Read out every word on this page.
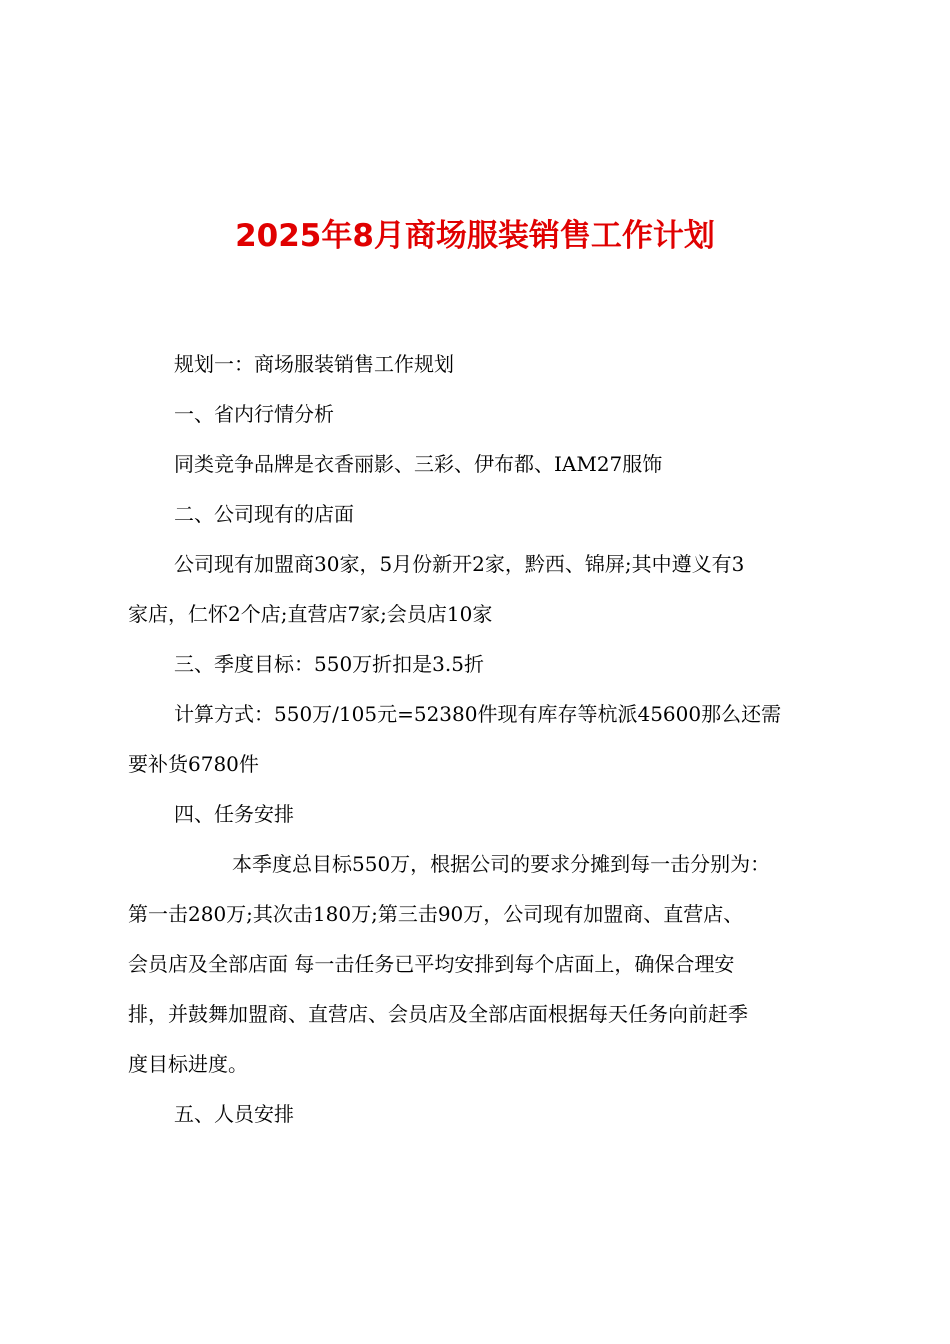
2025年8月商场服装销售工作计划

规划一：商场服装销售工作规划

一、省内行情分析

同类竞争品牌是衣香丽影、三彩、伊布都、IAM27服饰

二、公司现有的店面

公司现有加盟商30家，5月份新开2家，黔西、锦屏;其中遵义有3

家店，仁怀2个店;直营店7家;会员店10家

三、季度目标：550万折扣是3.5折

计算方式：550万/105元=52380件现有库存等杭派45600那么还需

要补货6780件

四、任务安排

本季度总目标550万，根据公司的要求分摊到每一击分别为：

第一击280万;其次击180万;第三击90万，公司现有加盟商、直营店、

会员店及全部店面 每一击任务已平均安排到每个店面上，确保合理安

排，并鼓舞加盟商、直营店、会员店及全部店面根据每天任务向前赶季

度目标进度。

五、人员安排
